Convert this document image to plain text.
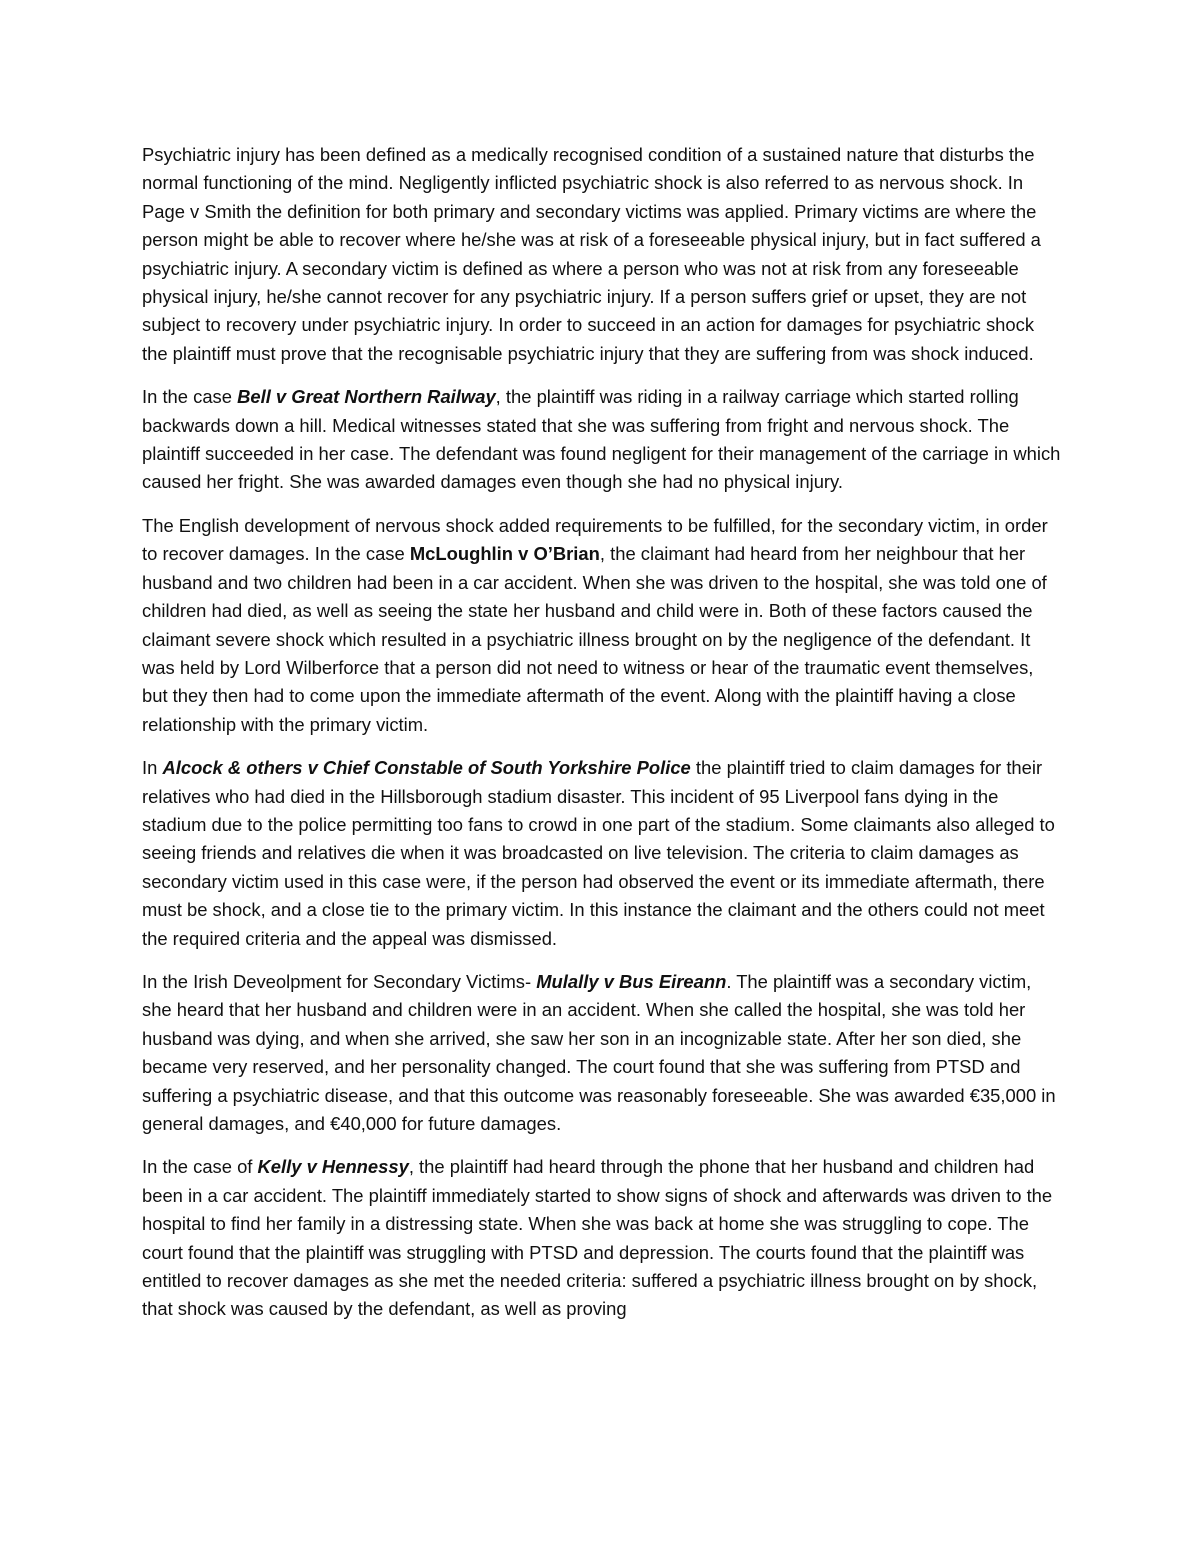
Psychiatric injury has been defined as a medically recognised condition of a sustained nature that disturbs the normal functioning of the mind. Negligently inflicted psychiatric shock is also referred to as nervous shock. In Page v Smith the definition for both primary and secondary victims was applied. Primary victims are where the person might be able to recover where he/she was at risk of a foreseeable physical injury, but in fact suffered a psychiatric injury. A secondary victim is defined as where a person who was not at risk from any foreseeable physical injury, he/she cannot recover for any psychiatric injury. If a person suffers grief or upset, they are not subject to recovery under psychiatric injury. In order to succeed in an action for damages for psychiatric shock the plaintiff must prove that the recognisable psychiatric injury that they are suffering from was shock induced.

In the case Bell v Great Northern Railway, the plaintiff was riding in a railway carriage which started rolling backwards down a hill. Medical witnesses stated that she was suffering from fright and nervous shock. The plaintiff succeeded in her case. The defendant was found negligent for their management of the carriage in which caused her fright. She was awarded damages even though she had no physical injury.

The English development of nervous shock added requirements to be fulfilled, for the secondary victim, in order to recover damages. In the case McLoughlin v O’Brian, the claimant had heard from her neighbour that her husband and two children had been in a car accident. When she was driven to the hospital, she was told one of children had died, as well as seeing the state her husband and child were in. Both of these factors caused the claimant severe shock which resulted in a psychiatric illness brought on by the negligence of the defendant. It was held by Lord Wilberforce that a person did not need to witness or hear of the traumatic event themselves, but they then had to come upon the immediate aftermath of the event. Along with the plaintiff having a close relationship with the primary victim.

In Alcock & others v Chief Constable of South Yorkshire Police the plaintiff tried to claim damages for their relatives who had died in the Hillsborough stadium disaster. This incident of 95 Liverpool fans dying in the stadium due to the police permitting too fans to crowd in one part of the stadium. Some claimants also alleged to seeing friends and relatives die when it was broadcasted on live television. The criteria to claim damages as secondary victim used in this case were, if the person had observed the event or its immediate aftermath, there must be shock, and a close tie to the primary victim. In this instance the claimant and the others could not meet the required criteria and the appeal was dismissed.

In the Irish Deveolpment for Secondary Victims- Mulally v Bus Eireann. The plaintiff was a secondary victim, she heard that her husband and children were in an accident. When she called the hospital, she was told her husband was dying, and when she arrived, she saw her son in an incognizable state. After her son died, she became very reserved, and her personality changed. The court found that she was suffering from PTSD and suffering a psychiatric disease, and that this outcome was reasonably foreseeable. She was awarded €35,000 in general damages, and €40,000 for future damages.

In the case of Kelly v Hennessy, the plaintiff had heard through the phone that her husband and children had been in a car accident. The plaintiff immediately started to show signs of shock and afterwards was driven to the hospital to find her family in a distressing state. When she was back at home she was struggling to cope. The court found that the plaintiff was struggling with PTSD and depression. The courts found that the plaintiff was entitled to recover damages as she met the needed criteria: suffered a psychiatric illness brought on by shock, that shock was caused by the defendant, as well as proving
